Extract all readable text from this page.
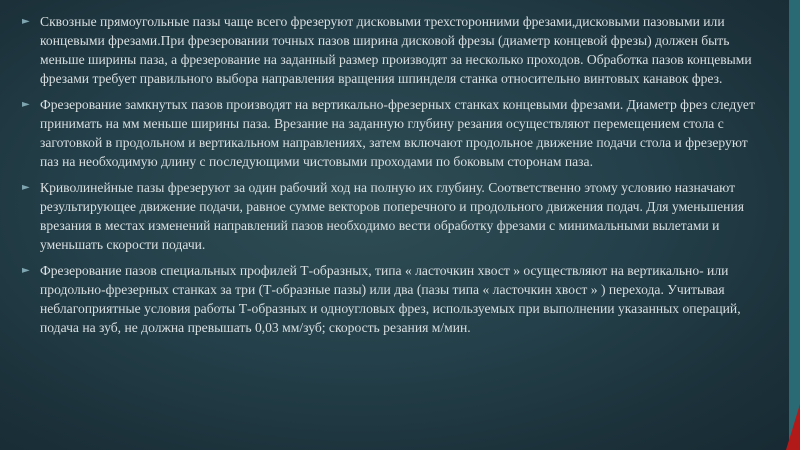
► Сквозные прямоугольные пазы чаще всего фрезеруют дисковыми трехсторонними фрезами,дисковыми пазовыми или концевыми фрезами.При фрезеровании точных пазов ширина дисковой фрезы (диаметр концевой фрезы) должен быть меньше ширины паза, а фрезерование на заданный размер производят за несколько проходов. Обработка пазов концевыми фрезами требует правильного выбора направления вращения шпинделя станка относительно винтовых канавок фрез.
► Фрезерование замкнутых пазов производят на вертикально-фрезерных станках концевыми фрезами. Диаметр фрез следует принимать на мм меньше ширины паза. Врезание на заданную глубину резания осуществляют перемещением стола с заготовкой в продольном и вертикальном направлениях, затем включают продольное движение подачи стола и фрезеруют паз на необходимую длину с последующими чистовыми проходами по боковым сторонам паза.
► Криволинейные пазы фрезеруют за один рабочий ход на полную их глубину. Соответственно этому условию назначают результирующее движение подачи, равное сумме векторов поперечного и продольного движения подач. Для уменьшения врезания в местах изменений направлений пазов необходимо вести обработку фрезами с минимальными вылетами и уменьшать скорости подачи.
► Фрезерование пазов специальных профилей Т-образных, типа « ласточкин хвост » осуществляют на вертикально- или продольно-фрезерных станках за три (Т-образные пазы) или два (пазы типа « ласточкин хвост » ) перехода. Учитывая неблагоприятные условия работы Т-образных и одноугловых фрез, используемых при выполнении указанных операций, подача на зуб, не должна превышать 0,03 мм/зуб; скорость резания м/мин.
